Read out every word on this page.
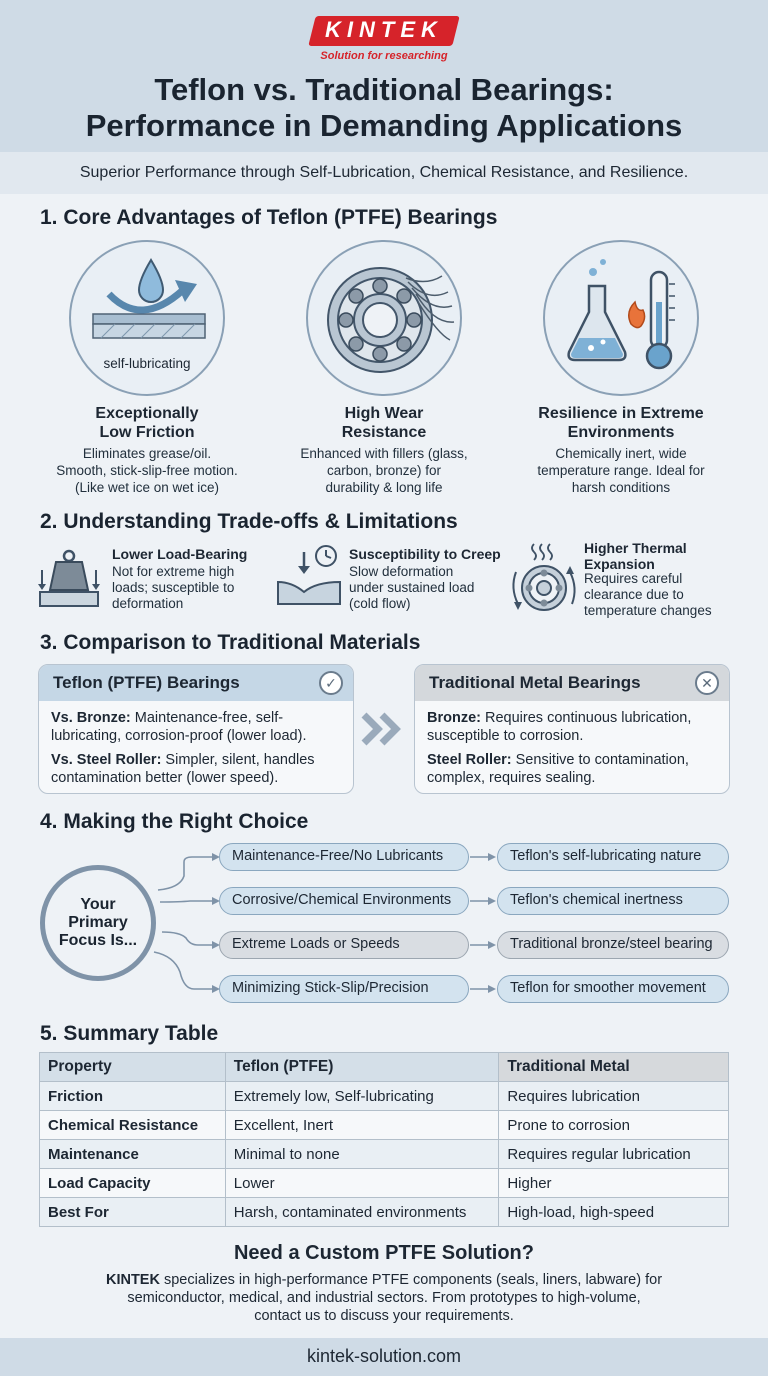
KINTEK
Solution for researching
Teflon vs. Traditional Bearings:
Performance in Demanding Applications
Superior Performance through Self-Lubrication, Chemical Resistance, and Resilience.
1. Core Advantages of Teflon (PTFE) Bearings
self-lubricating
Exceptionally
Low Friction
Eliminates grease/oil.
Smooth, stick-slip-free motion.
(Like wet ice on wet ice)
High Wear
Resistance
Enhanced with fillers (glass,
carbon, bronze) for
durability & long life
Resilience in Extreme
Environments
Chemically inert, wide
temperature range. Ideal for
harsh conditions
2. Understanding Trade-offs & Limitations
Lower Load-Bearing
Not for extreme high
loads; susceptible to
deformation
Susceptibility to Creep
Slow deformation
under sustained load
(cold flow)
Higher Thermal
Expansion
Requires careful
clearance due to
temperature changes
3. Comparison to Traditional Materials
Teflon (PTFE) Bearings	✓
Vs. Bronze: Maintenance-free, self-
lubricating, corrosion-proof (lower load).
Vs. Steel Roller: Simpler, silent, handles
contamination better (lower speed).
Traditional Metal Bearings	✕
Bronze: Requires continuous lubrication,
susceptible to corrosion.
Steel Roller: Sensitive to contamination,
complex, requires sealing.
4. Making the Right Choice
Your
Primary
Focus Is...
Maintenance-Free/No Lubricants	Teflon's self-lubricating nature
Corrosive/Chemical Environments	Teflon's chemical inertness
Extreme Loads or Speeds	Traditional bronze/steel bearing
Minimizing Stick-Slip/Precision	Teflon for smoother movement
5. Summary Table
Property	Teflon (PTFE)	Traditional Metal
Friction	Extremely low, Self-lubricating	Requires lubrication
Chemical Resistance	Excellent, Inert	Prone to corrosion
Maintenance	Minimal to none	Requires regular lubrication
Load Capacity	Lower	Higher
Best For	Harsh, contaminated environments	High-load, high-speed
Need a Custom PTFE Solution?
KINTEK specializes in high-performance PTFE components (seals, liners, labware) for
semiconductor, medical, and industrial sectors. From prototypes to high-volume,
contact us to discuss your requirements.
kintek-solution.com
